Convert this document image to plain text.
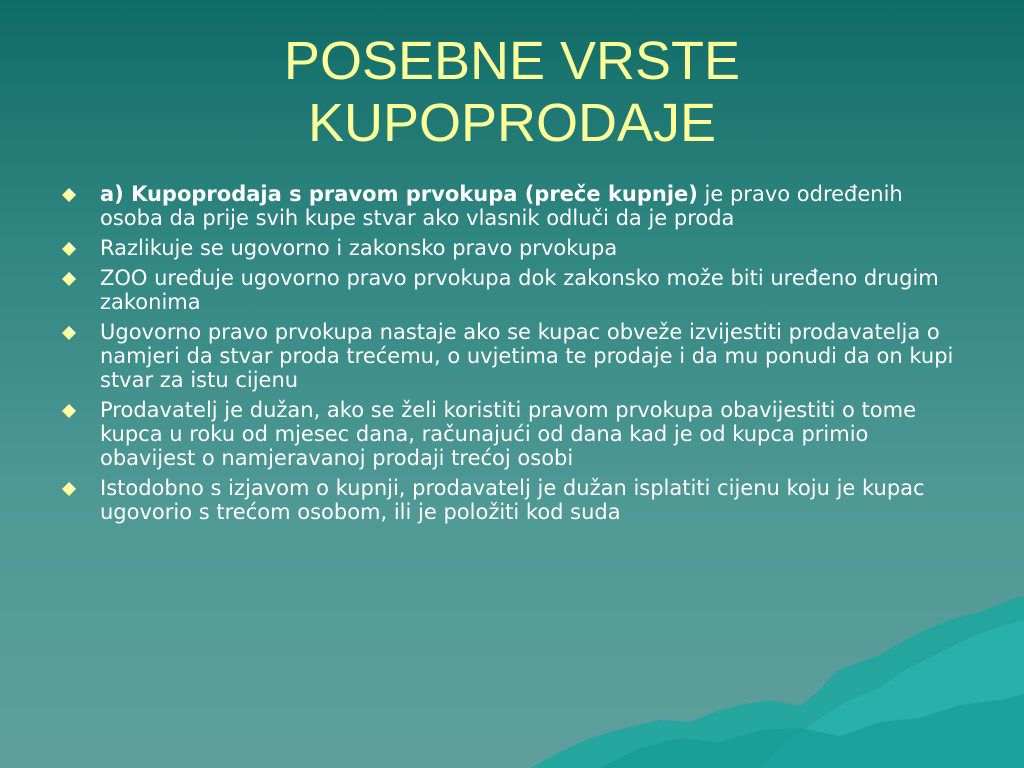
POSEBNE VRSTE
KUPOPRODAJE
a) Kupoprodaja s pravom prvokupa (preče kupnje) je pravo određenih osoba da prije svih kupe stvar ako vlasnik odluči da je proda
Razlikuje se ugovorno i zakonsko pravo prvokupa
ZOO uređuje ugovorno pravo prvokupa dok zakonsko može biti uređeno drugim zakonima
Ugovorno pravo prvokupa nastaje ako se kupac obveže izvijestiti prodavatelja o namjeri da stvar proda trećemu, o uvjetima te prodaje i da mu ponudi da on kupi stvar za istu cijenu
Prodavatelj je dužan, ako se želi koristiti pravom prvokupa obavijestiti o tome kupca u roku od mjesec dana, računajući od dana kad je od kupca primio obavijest o namjeravanoj prodaji trećoj osobi
Istodobno s izjavom o kupnji, prodavatelj je dužan isplatiti cijenu koju je kupac ugovorio s trećom osobom, ili je položiti kod suda
